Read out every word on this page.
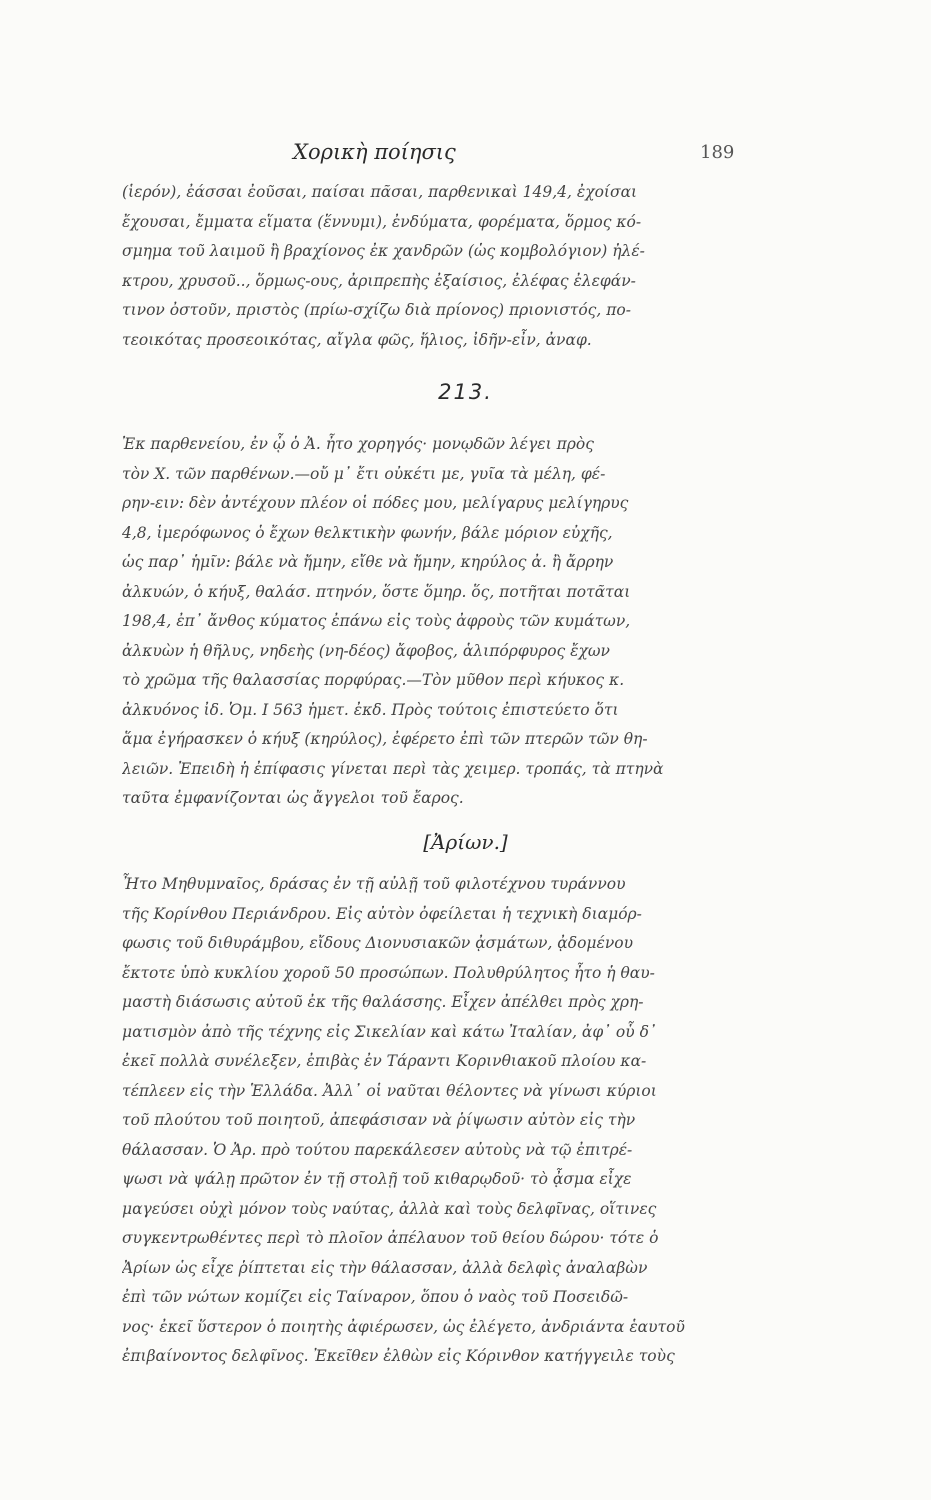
Χορικὴ ποίησις	189
(ἱερόν), ἐάσσαι ἐοῦσαι, παίσαι πᾶσαι, παρθενικαὶ 149,4, ἐχοίσαι
ἔχουσαι, ἔμματα εἵματα (ἕννυμι), ἐνδύματα, φορέματα, ὅρμος κό-
σμημα τοῦ λαιμοῦ ἢ βραχίονος ἐκ χανδρῶν (ὡς κομβολόγιον) ἠλέ-
κτρου, χρυσοῦ.., ὅρμως-ους, ἀριπρεπὴς ἐξαίσιος, ἐλέφας ἐλεφάν-
τινον ὀστοῦν, πριστὸς (πρίω-σχίζω διὰ πρίονος) πριονιστός, πο-
τεοικότας προσεοικότας, αἴγλα φῶς, ἥλιος, ἰδῆν-εἶν, ἀναφ.
213.
Ἐκ παρθενείου, ἐν ᾧ ὁ Ἀ. ἦτο χορηγός· μονῳδῶν λέγει πρὸς
τὸν Χ. τῶν παρθένων.—οὔ μ᾽ ἔτι οὐκέτι με, γυῖα τὰ μέλη, φέ-
ρην-ειν: δὲν ἀντέχουν πλέον οἱ πόδες μου, μελίγαρυς μελίγηρυς
4,8, ἱμερόφωνος ὁ ἔχων θελκτικὴν φωνήν, βάλε μόριον εὐχῆς,
ὡς παρ᾽ ἡμῖν: βάλε νὰ ἤμην, εἴθε νὰ ἤμην, κηρύλος ἀ. ἢ ἄρρην
ἀλκυών, ὁ κήυξ, θαλάσ. πτηνόν, ὅστε ὅμηρ. ὅς, ποτῆται ποτᾶται
198,4, ἐπ᾽ ἄνθος κύματος ἐπάνω εἰς τοὺς ἀφροὺς τῶν κυμάτων,
ἀλκυὼν ἡ θῆλυς, νηδεὴς (νη-δέος) ἄφοβος, ἁλιπόρφυρος ἔχων
τὸ χρῶμα τῆς θαλασσίας πορφύρας.—Τὸν μῦθον περὶ κήυκος κ.
ἀλκυόνος ἰδ. Ὁμ. Ι 563 ἡμετ. ἐκδ. Πρὸς τούτοις ἐπιστεύετο ὅτι
ἅμα ἐγήρασκεν ὁ κήυξ (κηρύλος), ἐφέρετο ἐπὶ τῶν πτερῶν τῶν θη-
λειῶν. Ἐπειδὴ ἡ ἐπίφασις γίνεται περὶ τὰς χειμερ. τροπάς, τὰ πτηνὰ
ταῦτα ἐμφανίζονται ὡς ἄγγελοι τοῦ ἔαρος.
[Ἀρίων.]
Ἦτο Μηθυμναῖος, δράσας ἐν τῇ αὐλῇ τοῦ φιλοτέχνου τυράννου
τῆς Κορίνθου Περιάνδρου. Εἰς αὐτὸν ὀφείλεται ἡ τεχνικὴ διαμόρ-
φωσις τοῦ διθυράμβου, εἴδους Διονυσιακῶν ᾀσμάτων, ᾀδομένου
ἔκτοτε ὑπὸ κυκλίου χοροῦ 50 προσώπων. Πολυθρύλητος ἦτο ἡ θαυ-
μαστὴ διάσωσις αὐτοῦ ἐκ τῆς θαλάσσης. Εἶχεν ἀπέλθει πρὸς χρη-
ματισμὸν ἀπὸ τῆς τέχνης εἰς Σικελίαν καὶ κάτω Ἰταλίαν, ἀφ᾽ οὗ δ᾽
ἐκεῖ πολλὰ συνέλεξεν, ἐπιβὰς ἐν Τάραντι Κορινθιακοῦ πλοίου κα-
τέπλεεν εἰς τὴν Ἑλλάδα. Ἀλλ᾽ οἱ ναῦται θέλοντες νὰ γίνωσι κύριοι
τοῦ πλούτου τοῦ ποιητοῦ, ἀπεφάσισαν νὰ ῥίψωσιν αὐτὸν εἰς τὴν
θάλασσαν. Ὁ Ἀρ. πρὸ τούτου παρεκάλεσεν αὐτοὺς νὰ τῷ ἐπιτρέ-
ψωσι νὰ ψάλῃ πρῶτον ἐν τῇ στολῇ τοῦ κιθαρῳδοῦ· τὸ ᾆσμα εἶχε
μαγεύσει οὐχὶ μόνον τοὺς ναύτας, ἀλλὰ καὶ τοὺς δελφῖνας, οἵτινες
συγκεντρωθέντες περὶ τὸ πλοῖον ἀπέλαυον τοῦ θείου δώρου· τότε ὁ
Ἀρίων ὡς εἶχε ῥίπτεται εἰς τὴν θάλασσαν, ἀλλὰ δελφὶς ἀναλαβὼν
ἐπὶ τῶν νώτων κομίζει εἰς Ταίναρον, ὅπου ὁ ναὸς τοῦ Ποσειδῶ-
νος· ἐκεῖ ὕστερον ὁ ποιητὴς ἀφιέρωσεν, ὡς ἐλέγετο, ἀνδριάντα ἑαυτοῦ
ἐπιβαίνοντος δελφῖνος. Ἐκεῖθεν ἐλθὼν εἰς Κόρινθον κατήγγειλε τοὺς
